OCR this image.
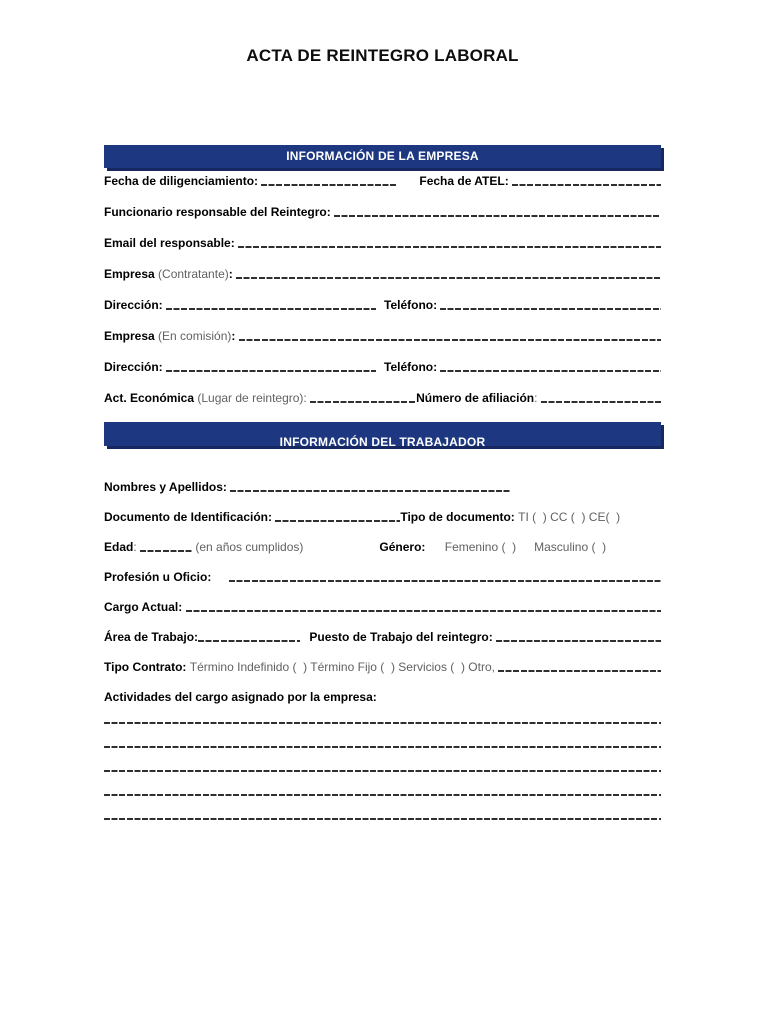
ACTA DE REINTEGRO LABORAL
INFORMACIÓN DE LA EMPRESA
Fecha de diligenciamiento:	Fecha de ATEL:
Funcionario responsable del Reintegro:
Email del responsable:
Empresa (Contratante) :
Dirección:	Teléfono:
Empresa (En comisión) :
Dirección:	Teléfono:
Act. Económica (Lugar de reintegro):	Número de afiliación :
INFORMACIÓN DEL TRABAJADOR
Nombres y Apellidos:
Documento de Identificación:	Tipo de documento: TI (  ) CC (  ) CE(  )
Edad :	(en años cumplidos)	Género: Femenino (  ) Masculino (  )
Profesión u Oficio:
Cargo Actual:
Área de Trabajo:	Puesto de Trabajo del reintegro:
Tipo Contrato: Término Indefinido (  ) Término Fijo (  ) Servicios (  ) Otro,
Actividades del cargo asignado por la empresa:
